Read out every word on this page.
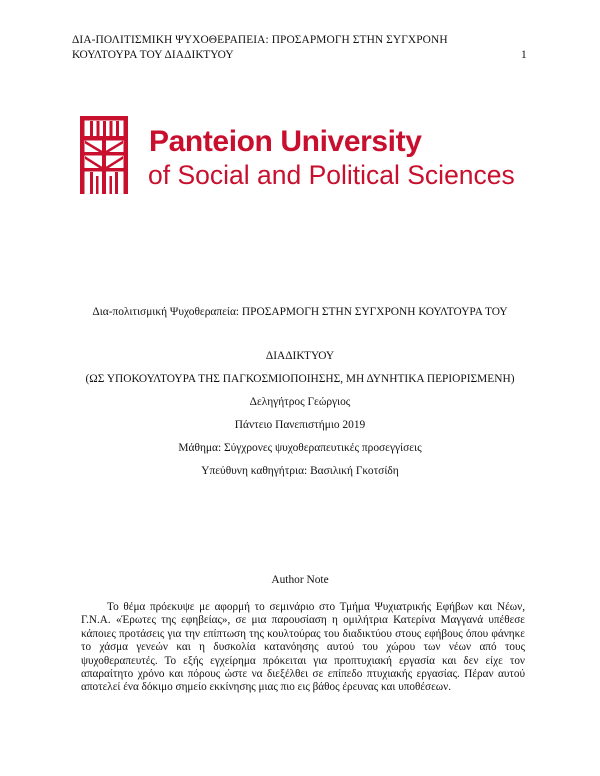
ΔΙΑ-ΠΟΛΙΤΙΣΜΙΚΗ ΨΥΧΟΘΕΡΑΠΕΙΑ: ΠΡΟΣΑΡΜΟΓΗ ΣΤΗΝ ΣΥΓΧΡΟΝΗ ΚΟΥΛΤΟΥΡΑ ΤΟΥ ΔΙΑΔΙΚΤΥΟΥ	1
Panteion University
of Social and Political Sciences
Δια-πολιτισμική Ψυχοθεραπεία: ΠΡΟΣΑΡΜΟΓΗ ΣΤΗΝ ΣΥΓΧΡΟΝΗ ΚΟΥΛΤΟΥΡΑ ΤΟΥ
ΔΙΑΔΙΚΤΥΟΥ
(ΩΣ ΥΠΟΚΟΥΛΤΟΥΡΑ ΤΗΣ ΠΑΓΚΟΣΜΙΟΠΟΙΗΣΗΣ, ΜΗ ΔΥΝΗΤΙΚΑ ΠΕΡΙΟΡΙΣΜΕΝΗ)
Δεληγήτρος Γεώργιος
Πάντειο Πανεπιστήμιο 2019
Μάθημα: Σύγχρονες ψυχοθεραπευτικές προσεγγίσεις
Υπεύθυνη καθηγήτρια: Βασιλική Γκοτσίδη
Author Note
Το θέμα πρόεκυψε με αφορμή το σεμινάριο στο Τμήμα Ψυχιατρικής Εφήβων και Νέων, Γ.Ν.Α. «Έρωτες της εφηβείας», σε μια παρουσίαση η ομιλήτρια Κατερίνα Μαγγανά υπέθεσε κάποιες προτάσεις για την επίπτωση της κουλτούρας του διαδικτύου στους εφήβους όπου φάνηκε το χάσμα γενεών και η δυσκολία κατανόησης αυτού του χώρου των νέων από τους ψυχοθεραπευτές. Το εξής εγχείρημα πρόκειται για προπτυχιακή εργασία και δεν είχε τον απαραίτητο χρόνο και πόρους ώστε να διεξέλθει σε επίπεδο πτυχιακής εργασίας. Πέραν αυτού αποτελεί ένα δόκιμο σημείο εκκίνησης μιας πιο εις βάθος έρευνας και υποθέσεων.
